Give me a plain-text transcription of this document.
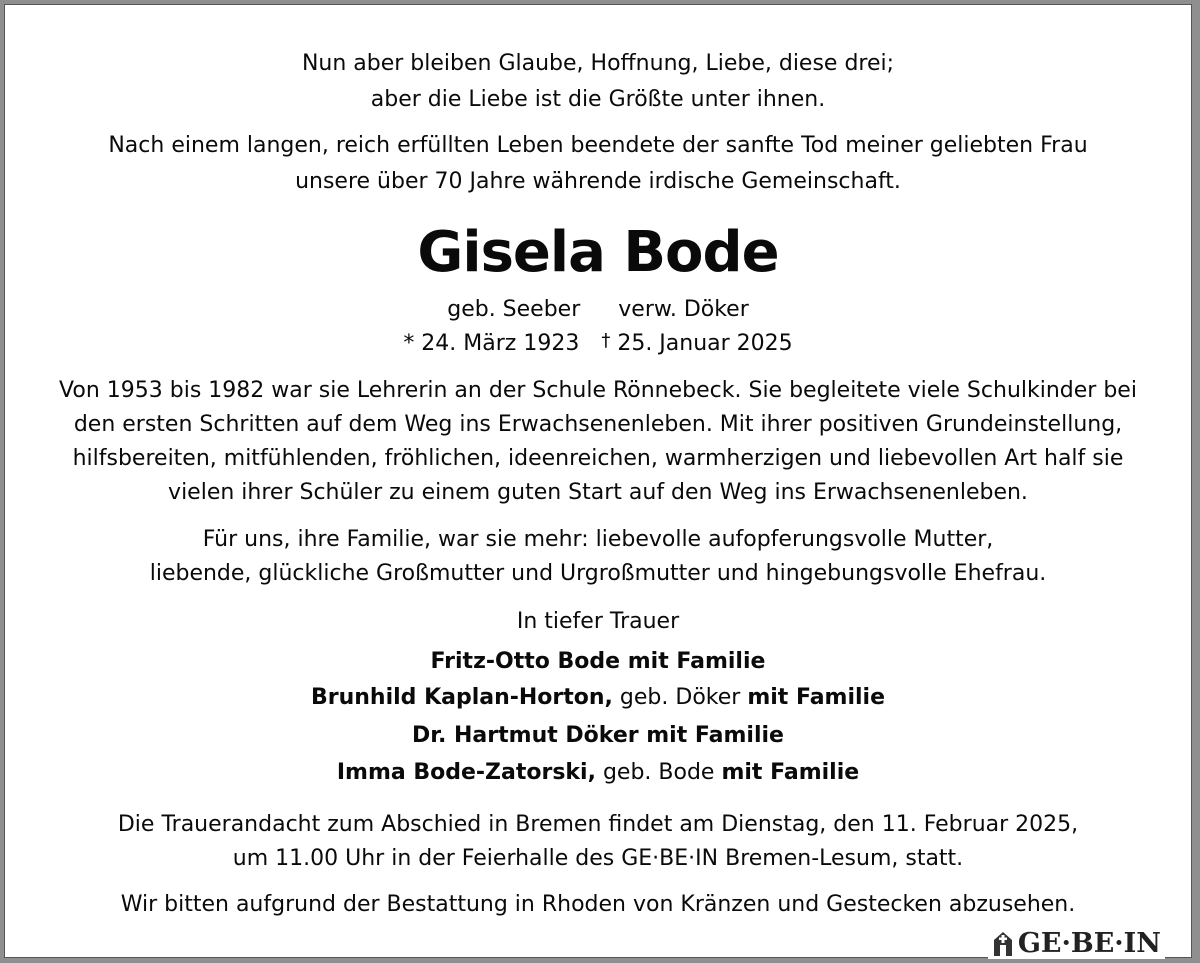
Nun aber bleiben Glaube, Hoffnung, Liebe, diese drei;
aber die Liebe ist die Größte unter ihnen.
Nach einem langen, reich erfüllten Leben beendete der sanfte Tod meiner geliebten Frau
unsere über 70 Jahre währende irdische Gemeinschaft.
Gisela Bode
geb. Seeber verw. Döker
* 24. März 1923 † 25. Januar 2025
Von 1953 bis 1982 war sie Lehrerin an der Schule Rönnebeck. Sie begleitete viele Schulkinder bei
den ersten Schritten auf dem Weg ins Erwachsenenleben. Mit ihrer positiven Grundeinstellung,
hilfsbereiten, mitfühlenden, fröhlichen, ideenreichen, warmherzigen und liebevollen Art half sie
vielen ihrer Schüler zu einem guten Start auf den Weg ins Erwachsenenleben.
Für uns, ihre Familie, war sie mehr: liebevolle aufopferungsvolle Mutter,
liebende, glückliche Großmutter und Urgroßmutter und hingebungsvolle Ehefrau.
In tiefer Trauer
Fritz-Otto Bode mit Familie
Brunhild Kaplan-Horton, geb. Döker mit Familie
Dr. Hartmut Döker mit Familie
Imma Bode-Zatorski, geb. Bode mit Familie
Die Trauerandacht zum Abschied in Bremen findet am Dienstag, den 11. Februar 2025,
um 11.00 Uhr in der Feierhalle des GE·BE·IN Bremen-Lesum, statt.
Wir bitten aufgrund der Bestattung in Rhoden von Kränzen und Gestecken abzusehen.
GE·BE·IN
